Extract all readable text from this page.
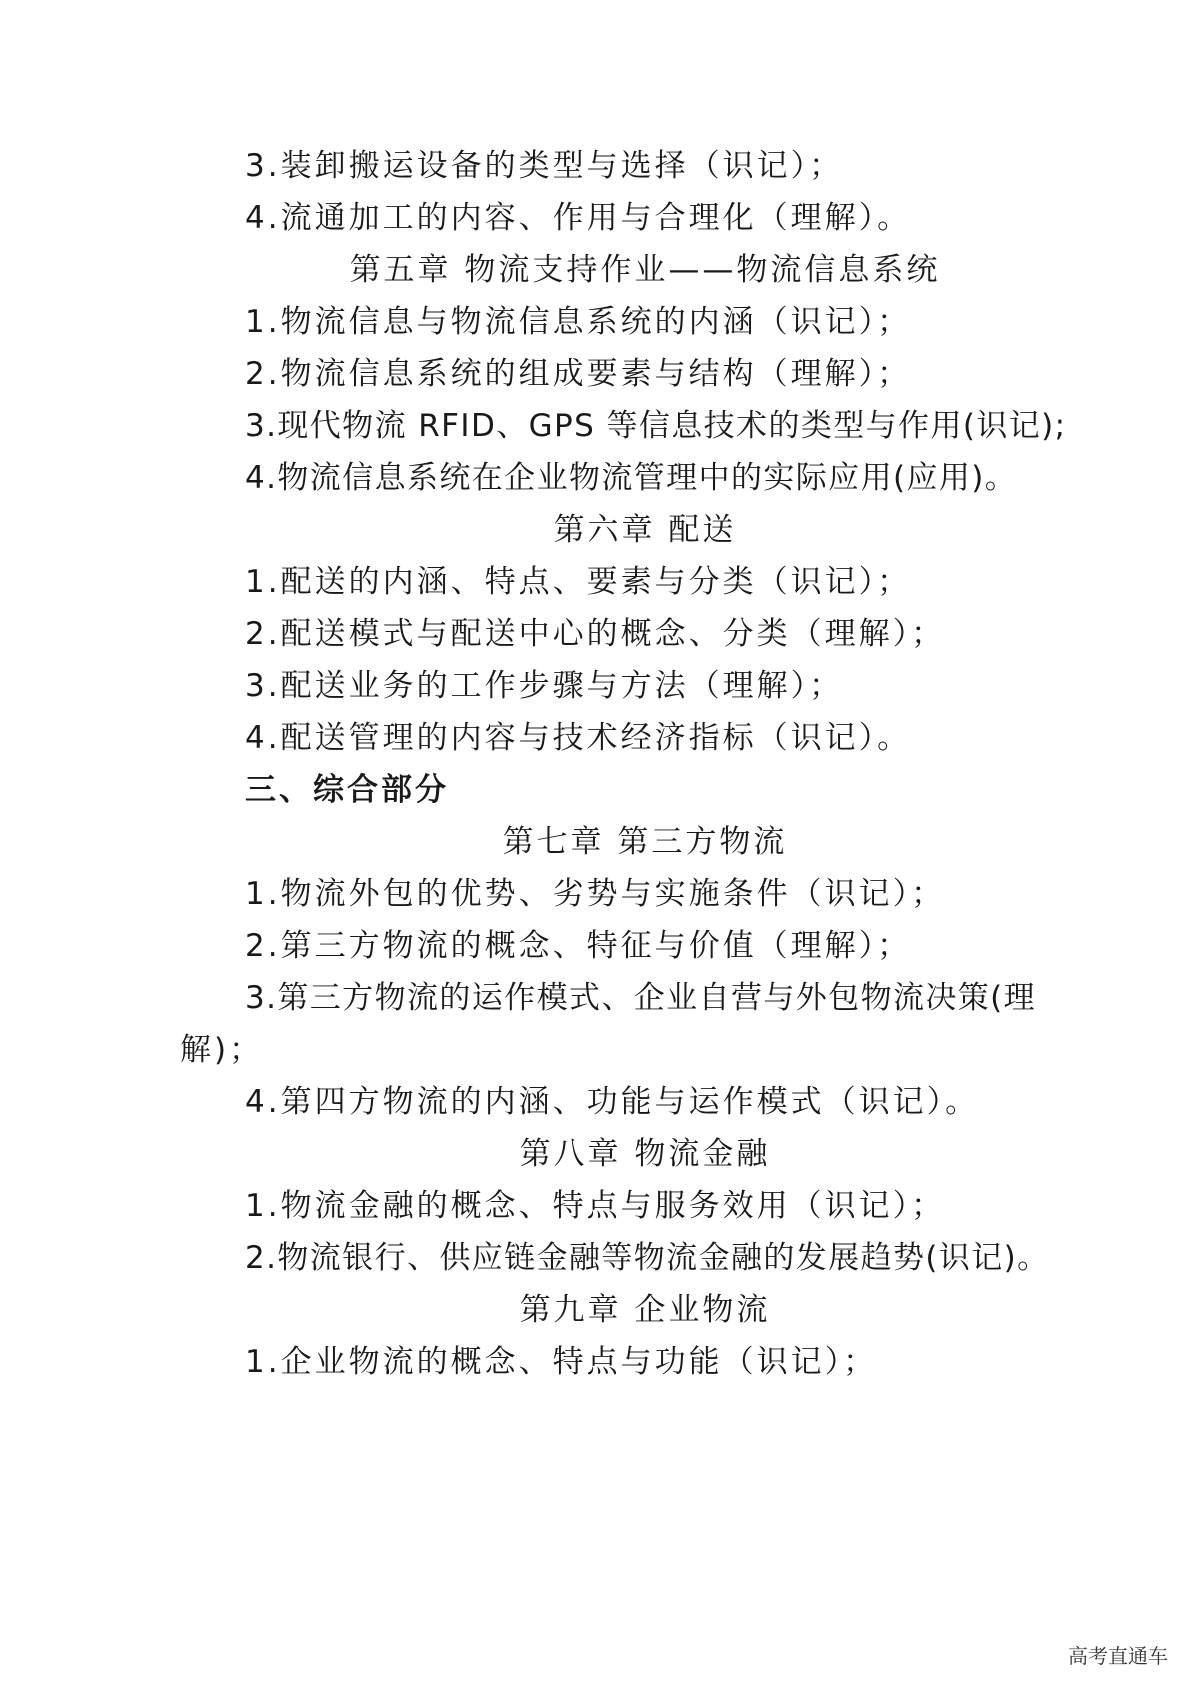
3.装卸搬运设备的类型与选择（识记）；
4.流通加工的内容、作用与合理化（理解）。
第五章 物流支持作业——物流信息系统
1.物流信息与物流信息系统的内涵（识记）；
2.物流信息系统的组成要素与结构（理解）；
3.现代物流 RFID、GPS 等信息技术的类型与作用(识记);
4.物流信息系统在企业物流管理中的实际应用(应用)。
第六章 配送
1.配送的内涵、特点、要素与分类（识记）；
2.配送模式与配送中心的概念、分类（理解）；
3.配送业务的工作步骤与方法（理解）；
4.配送管理的内容与技术经济指标（识记）。
三、综合部分
第七章 第三方物流
1.物流外包的优势、劣势与实施条件（识记）；
2.第三方物流的概念、特征与价值（理解）；
3.第三方物流的运作模式、企业自营与外包物流决策(理
解)；
4.第四方物流的内涵、功能与运作模式（识记）。
第八章 物流金融
1.物流金融的概念、特点与服务效用（识记）；
2.物流银行、供应链金融等物流金融的发展趋势(识记)。
第九章 企业物流
1.企业物流的概念、特点与功能（识记）；
高考直通车
